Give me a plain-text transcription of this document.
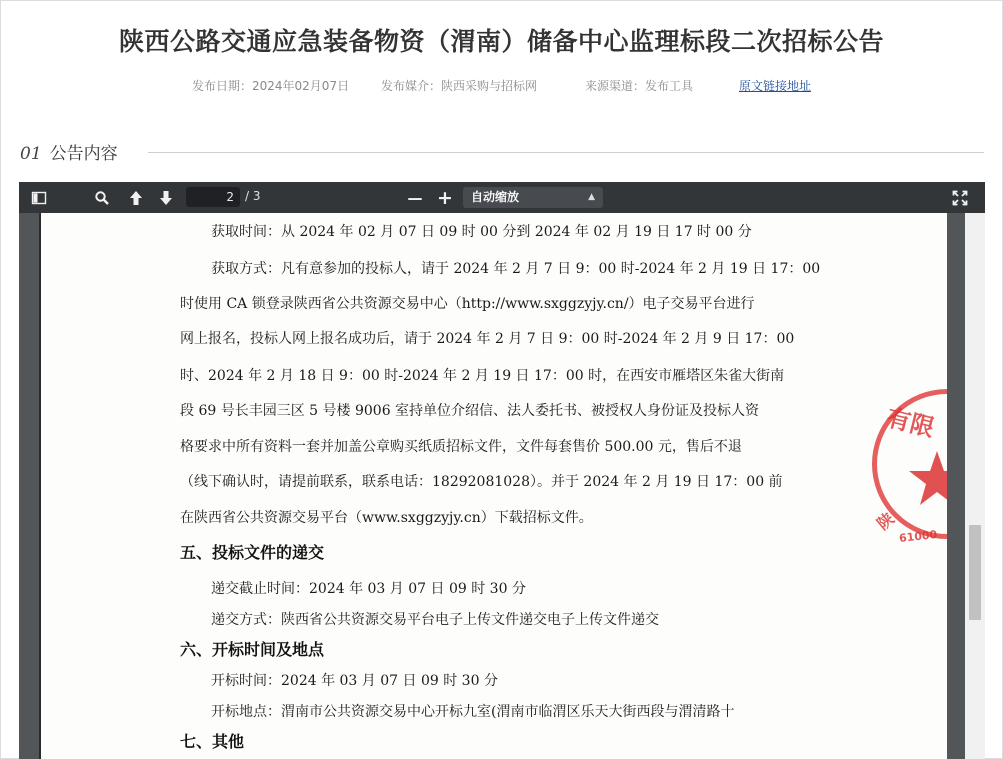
陕西公路交通应急装备物资（渭南）储备中心监理标段二次招标公告
发布日期：2024年02月07日	发布媒介：陕西采购与招标网	来源渠道：发布工具	原文链接地址
01 公告内容
2 / 3	— +	自动缩放	▲

获取时间：从 2024 年 02 月 07 日 09 时 00 分到 2024 年 02 月 19 日 17 时 00 分
获取方式：凡有意参加的投标人，请于 2024 年 2 月 7 日 9：00 时-2024 年 2 月 19 日 17：00
时使用 CA 锁登录陕西省公共资源交易中心（http://www.sxggzyjy.cn/）电子交易平台进行
网上报名，投标人网上报名成功后，请于 2024 年 2 月 7 日 9：00 时-2024 年 2 月 9 日 17：00
时、2024 年 2 月 18 日 9：00 时-2024 年 2 月 19 日 17：00 时，在西安市雁塔区朱雀大街南
段 69 号长丰园三区 5 号楼 9006 室持单位介绍信、法人委托书、被授权人身份证及投标人资
格要求中所有资料一套并加盖公章购买纸质招标文件，文件每套售价 500.00 元，售后不退
（线下确认时，请提前联系，联系电话：18292081028）。并于 2024 年 2 月 19 日 17：00 前
在陕西省公共资源交易平台（www.sxggzyjy.cn）下载招标文件。
五、投标文件的递交
递交截止时间：2024 年 03 月 07 日 09 时 30 分
递交方式：陕西省公共资源交易平台电子上传文件递交电子上传文件递交
六、开标时间及地点
开标时间：2024 年 03 月 07 日 09 时 30 分
开标地点：渭南市公共资源交易中心开标九室(渭南市临渭区乐天大街西段与渭清路十
七、其他
有限
陕
61000
